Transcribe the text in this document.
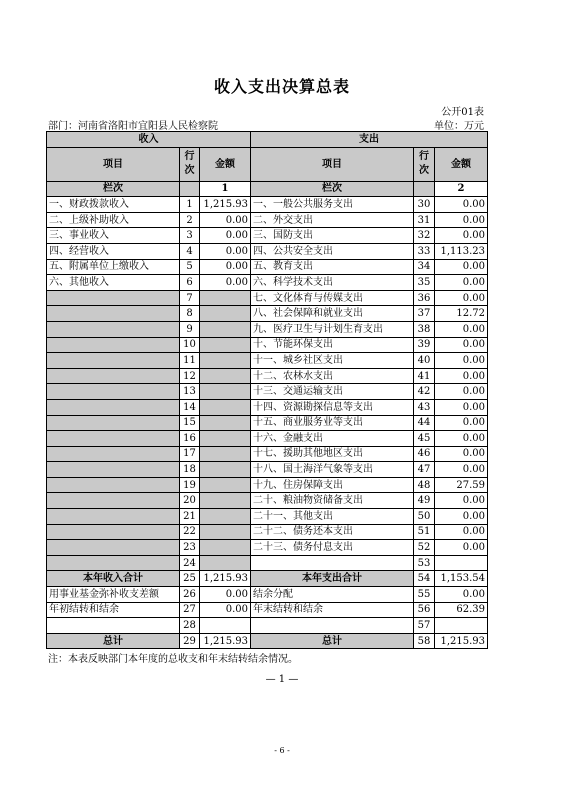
收入支出决算总表
公开01表
部门：河南省洛阳市宜阳县人民检察院	单位：万元
收入			支出		
项目	行次	金额	项目	行次	金额
栏次		1	栏次		2
一、财政拨款收入	1	1,215.93	一、一般公共服务支出	30	0.00
二、上级补助收入	2	0.00	二、外交支出	31	0.00
三、事业收入	3	0.00	三、国防支出	32	0.00
四、经营收入	4	0.00	四、公共安全支出	33	1,113.23
五、附属单位上缴收入	5	0.00	五、教育支出	34	0.00
六、其他收入	6	0.00	六、科学技术支出	35	0.00
	7		七、文化体育与传媒支出	36	0.00
	8		八、社会保障和就业支出	37	12.72
	9		九、医疗卫生与计划生育支出	38	0.00
	10		十、节能环保支出	39	0.00
	11		十一、城乡社区支出	40	0.00
	12		十二、农林水支出	41	0.00
	13		十三、交通运输支出	42	0.00
	14		十四、资源勘探信息等支出	43	0.00
	15		十五、商业服务业等支出	44	0.00
	16		十六、金融支出	45	0.00
	17		十七、援助其他地区支出	46	0.00
	18		十八、国土海洋气象等支出	47	0.00
	19		十九、住房保障支出	48	27.59
	20		二十、粮油物资储备支出	49	0.00
	21		二十一、其他支出	50	0.00
	22		二十二、债务还本支出	51	0.00
	23		二十三、债务付息支出	52	0.00
	24			53	
本年收入合计	25	1,215.93	本年支出合计	54	1,153.54
用事业基金弥补收支差额	26	0.00	结余分配	55	0.00
年初结转和结余	27	0.00	年末结转和结余	56	62.39
	28			57	
总计	29	1,215.93	总计	58	1,215.93
注：本表反映部门本年度的总收支和年末结转结余情况。
— 1 —
- 6 -
